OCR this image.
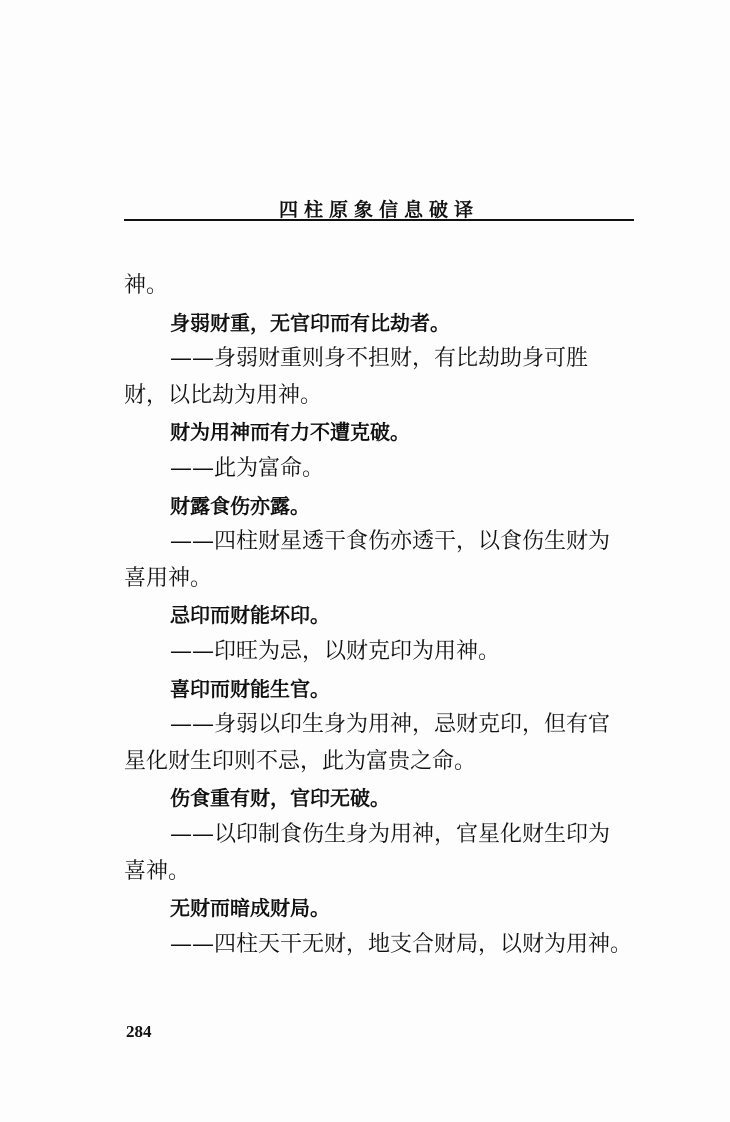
四柱原象信息破译
神。
身弱财重，无官印而有比劫者。
——身弱财重则身不担财，有比劫助身可胜
财，以比劫为用神。
财为用神而有力不遭克破。
——此为富命。
财露食伤亦露。
——四柱财星透干食伤亦透干，以食伤生财为
喜用神。
忌印而财能坏印。
——印旺为忌，以财克印为用神。
喜印而财能生官。
——身弱以印生身为用神，忌财克印，但有官
星化财生印则不忌，此为富贵之命。
伤食重有财，官印无破。
——以印制食伤生身为用神，官星化财生印为
喜神。
无财而暗成财局。
——四柱天干无财，地支合财局，以财为用神。
284
